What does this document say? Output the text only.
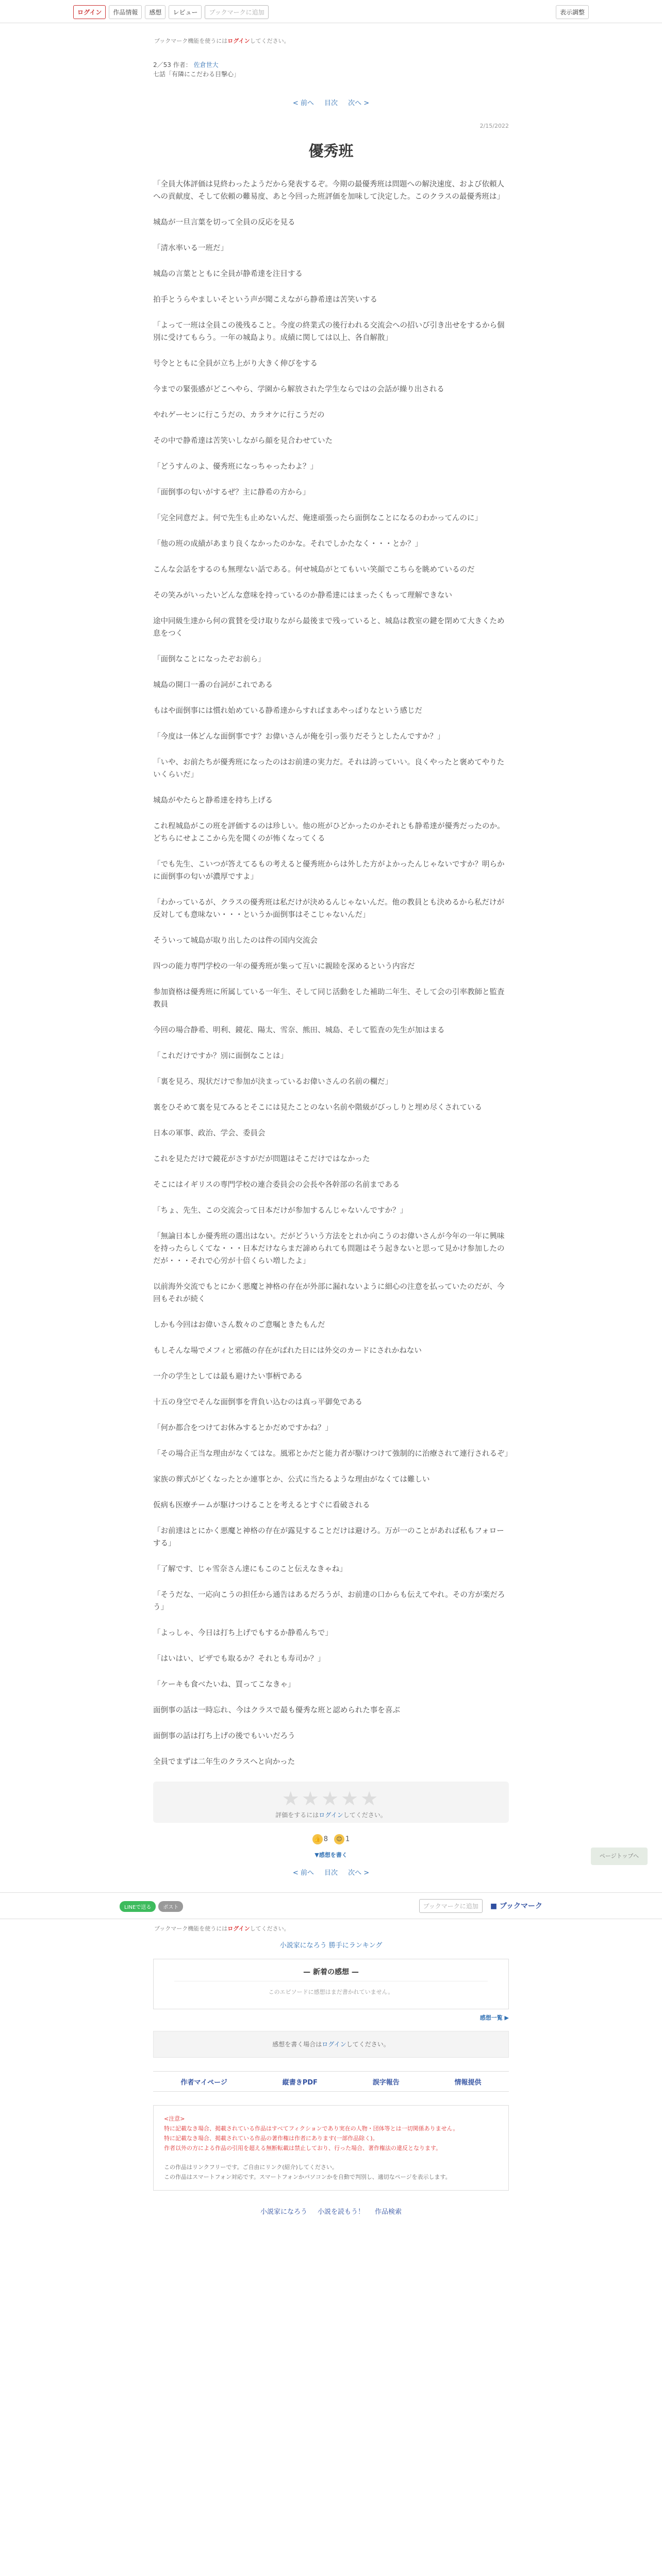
ログイン	作品情報	感想	レビュー	ブックマークに追加	表示調整
ブックマーク機能を使うにはログインしてください。
2／53 作者： 佐倉世大
七話「有隣にこだわる目撃心」
< 前へ 目次 次へ >
2/15/2022
優秀班

「全員大体評価は見終わったようだから発表するぞ。今期の最優秀班は問題への解決速度、および依頼人への貢献度、そして依頼の難易度、あと今回った班評価を加味して決定した。このクラスの最優秀班は」

城島が一旦言葉を切って全員の反応を見る

「清水率いる一班だ」

城島の言葉とともに全員が静希達を注目する

拍手とうらやましいそという声が聞こえながら静希達は苦笑いする

「よって一班は全員この後残ること。今度の終業式の後行われる交流会への招いび引き出せをするから個別に受けてもらう。一年の城島より。成績に関しては以上、各自解散」

号令とともに全員が立ち上がり大きく伸びをする

今までの緊張感がどこへやら、学園から解放された学生ならではの会話が繰り出される

やれゲーセンに行こうだの、カラオケに行こうだの

その中で静希達は苦笑いしながら顔を見合わせていた

「どうすんのよ、優秀班になっちゃったわよ？」

「面倒事の匂いがするぜ？主に静希の方から」

「完全同意だよ。何で先生も止めないんだ、俺達頑張ったら面倒なことになるのわかってんのに」

「他の班の成績があまり良くなかったのかな。それでしかたなく・・・とか？」

こんな会話をするのも無理ない話である。何せ城島がとてもいい笑顔でこちらを眺めているのだ

その笑みがいったいどんな意味を持っているのか静希達にはまったくもって理解できない

途中同級生達から何の賞賛を受け取りながら最後まで残っていると、城島は教室の鍵を閉めて大きくため息をつく

「面倒なことになったぞお前ら」

城島の開口一番の台詞がこれである

もはや面倒事には慣れ始めている静希達からすればまあやっぱりなという感じだ

「今度は一体どんな面倒事です？お偉いさんが俺を引っ張りだそうとしたんですか？」

「いや、お前たちが優秀班になったのはお前達の実力だ。それは誇っていい。良くやったと褒めてやりたいくらいだ」

城島がやたらと静希達を持ち上げる

これ程城島がこの班を評価するのは珍しい。他の班がひどかったのかそれとも静希達が優秀だったのか。どちらにせよここから先を聞くのが怖くなってくる

「でも先生、こいつが答えてるもの考えると優秀班からは外した方がよかったんじゃないですか？明らかに面倒事の匂いが濃厚ですよ」

「わかっているが、クラスの優秀班は私だけが決めるんじゃないんだ。他の教員とも決めるから私だけが反対しても意味ない・・・というか面倒事はそこじゃないんだ」

そういって城島が取り出したのは件の国内交流会

四つの能力専門学校の一年の優秀班が集って互いに親睦を深めるという内容だ

参加資格は優秀班に所属している一年生、そして同じ活動をした補助二年生、そして会の引率教師と監査教員

今回の場合静希、明利、鏡花、陽太、雪奈、熊田、城島、そして監査の先生が加はまる

「これだけですか？別に面倒なことは」

「裏を見ろ、現状だけで参加が決まっているお偉いさんの名前の欄だ」

裏をひそめて裏を見てみるとそこには見たことのない名前や階級がびっしりと埋め尽くされている

日本の軍事、政治、学会、委員会

これを見ただけで鏡花がさすがだが問題はそこだけではなかった

そこにはイギリスの専門学校の連合委員会の会長や各幹部の名前まである

「ちょ、先生、この交流会って日本だけが参加するんじゃないんですか？」

「無論日本しか優秀班の選出はない。だがどういう方法をとれか向こうのお偉いさんが今年の一年に興味を持ったらしくてな・・・日本だけならまだ諦められても問題はそう起きないと思って見かけ参加したのだが・・・それで心労が十倍くらい増したよ」

以前海外交流でもとにかく悪魔と神格の存在が外部に漏れないように細心の注意を払っていたのだが、今回もそれが続く

しかも今回はお偉いさん数々のご意嘱ときたもんだ

もしそんな場でメフィと邪薇の存在がばれた日には外交のカードにされかねない

一介の学生としては最も避けたい事柄である

十五の身空でそんな面倒事を背負い込むのは真っ平御免である

「何か都合をつけてお休みするとかだめですかね？」

「その場合正当な理由がなくてはな。風邪とかだと能力者が駆けつけて強制的に治療されて連行されるぞ」

家族の葬式がどくなったとか連事とか、公式に当たるような理由がなくては難しい

仮病も医療チームが駆けつけることを考えるとすぐに看破される

「お前達はとにかく悪魔と神格の存在が露見することだけは避けろ。万が一のことがあれば私もフォローする」

「了解です、じゃ雪奈さん達にもこのこと伝えなきゃね」

「そうだな、一応向こうの担任から通告はあるだろうが、お前達の口からも伝えてやれ。その方が楽だろう」

「よっしゃ、今日は打ち上げでもするか静希んちで」

「はいはい、ピザでも取るか？それとも寿司か？」

「ケーキも食べたいね、買ってこなきゃ」

面倒事の話は一時忘れ、今はクラスで最も優秀な班と認められた事を喜ぶ

面倒事の話は打ち上げの後でもいいだろう

全員でまずは二年生のクラスへと向かった

★★★★★
評価をするにはログインしてください。
👍 8 😊 1
▼感想を書く
< 前へ 目次 次へ >
ページトップへ
LINEで送る ポスト	ブックマークに追加 ■ ブックマーク
ブックマーク機能を使うにはログインしてください。
小説家になろう 勝手にランキング
— 新着の感想 —
このエピソードに感想はまだ書かれていません。
感想一覧 ▶
感想を書く場合はログインしてください。
作者マイページ	縦書きPDF	誤字報告	情報提供
<注意>
特に記載なき場合、掲載されている作品はすべてフィクションであり実在の人物・団体等とは一切関係ありません。
特に記載なき場合、掲載されている作品の著作権は作者にあります(一部作品除く)。
作者以外の方による作品の引用を超える無断転載は禁止しており、行った場合、著作権法の違反となります。
この作品はリンクフリーです。ご自由にリンク(紹介)してください。
この作品はスマートフォン対応です。スマートフォンかパソコンかを自動で判別し、適切なページを表示します。
小説家になろう 小説を読もう！ 作品検索
